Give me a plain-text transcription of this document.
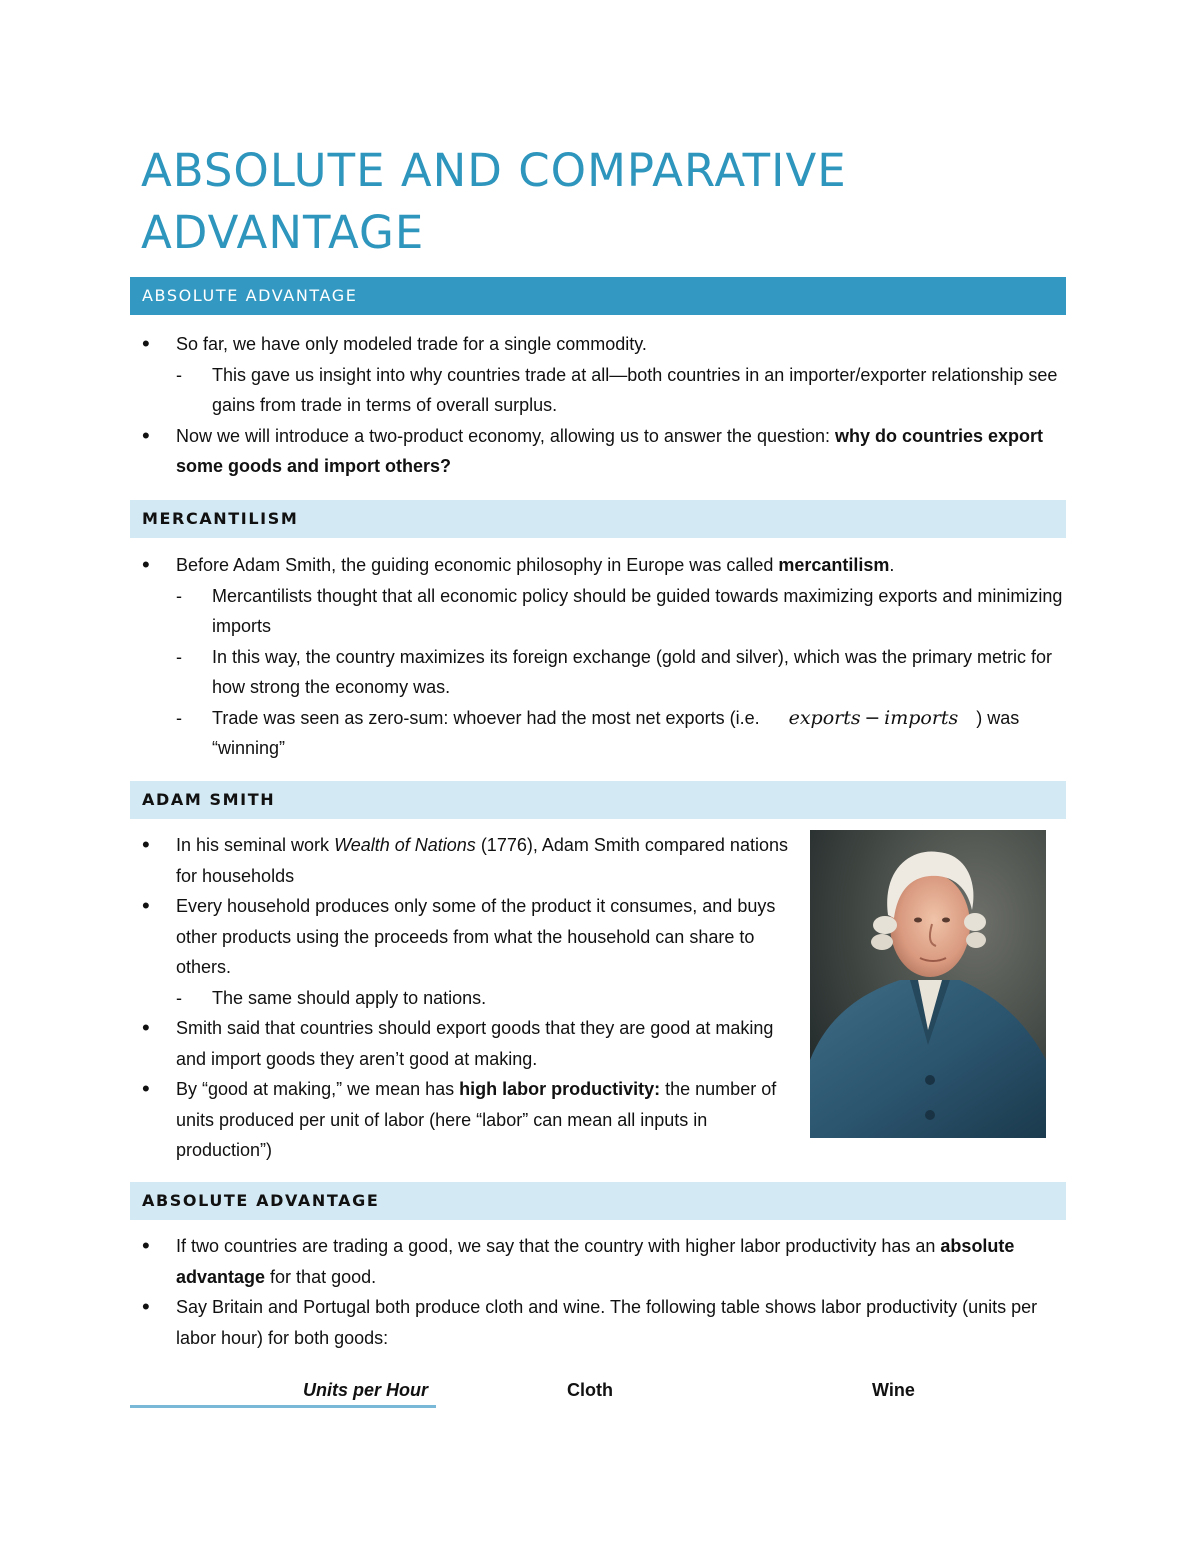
ABSOLUTE AND COMPARATIVE
ADVANTAGE
ABSOLUTE ADVANTAGE
• So far, we have only modeled trade for a single commodity.
- This gave us insight into why countries trade at all—both countries in an importer/exporter relationship see gains from trade in terms of overall surplus.
• Now we will introduce a two-product economy, allowing us to answer the question: why do countries export some goods and import others?
MERCANTILISM
• Before Adam Smith, the guiding economic philosophy in Europe was called mercantilism.
- Mercantilists thought that all economic policy should be guided towards maximizing exports and minimizing imports
- In this way, the country maximizes its foreign exchange (gold and silver), which was the primary metric for how strong the economy was.
- Trade was seen as zero-sum: whoever had the most net exports (i.e. exports − imports ) was “winning”
ADAM SMITH
• In his seminal work Wealth of Nations (1776), Adam Smith compared nations for households
• Every household produces only some of the product it consumes, and buys other products using the proceeds from what the household can share to others.
- The same should apply to nations.
• Smith said that countries should export goods that they are good at making and import goods they aren’t good at making.
• By “good at making,” we mean has high labor productivity: the number of units produced per unit of labor (here “labor” can mean all inputs in production”)
ABSOLUTE ADVANTAGE
• If two countries are trading a good, we say that the country with higher labor productivity has an absolute advantage for that good.
• Say Britain and Portugal both produce cloth and wine. The following table shows labor productivity (units per labor hour) for both goods:
Units per Hour	Cloth	Wine
